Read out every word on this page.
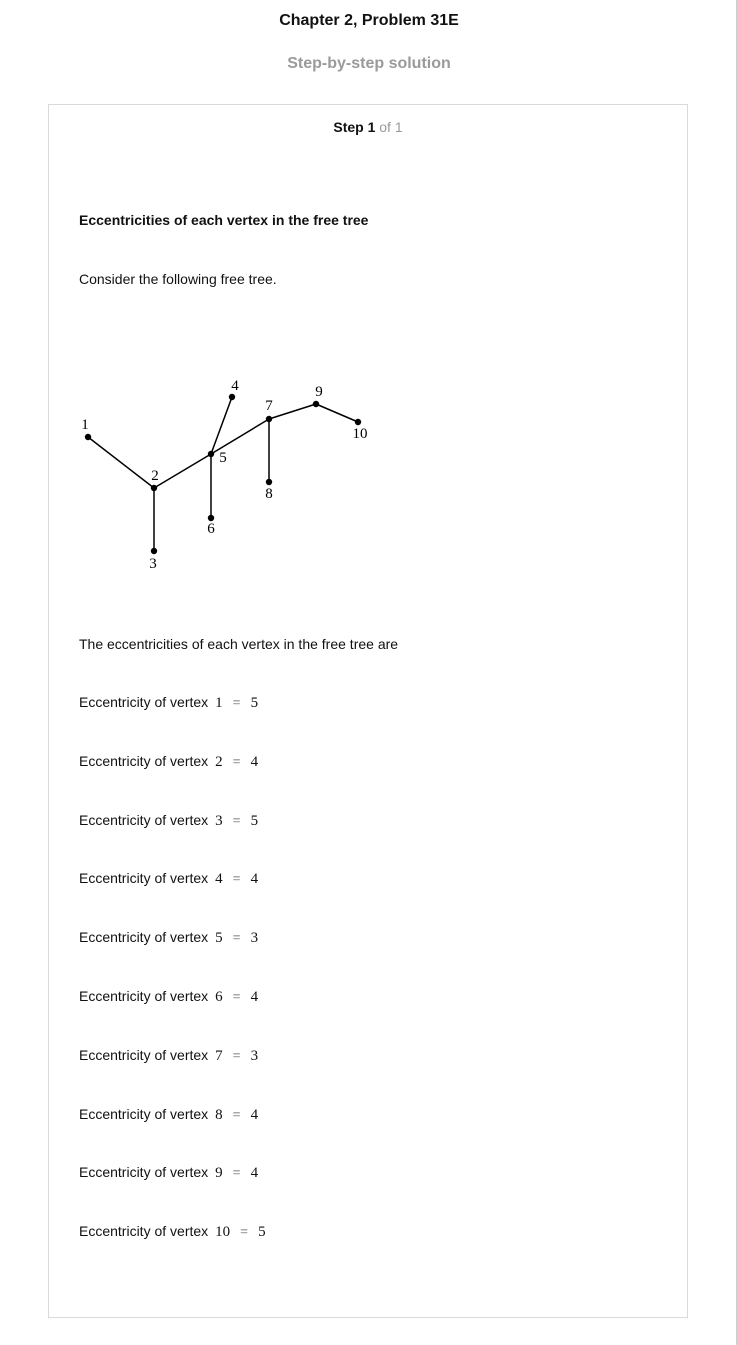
Chapter 2, Problem 31E
Step-by-step solution
Step 1 of 1
Eccentricities of each vertex in the free tree
Consider the following free tree.
1
2
3
4
5
6
7
8
9
10
The eccentricities of each vertex in the free tree are
Eccentricity of vertex 1 = 5
Eccentricity of vertex 2 = 4
Eccentricity of vertex 3 = 5
Eccentricity of vertex 4 = 4
Eccentricity of vertex 5 = 3
Eccentricity of vertex 6 = 4
Eccentricity of vertex 7 = 3
Eccentricity of vertex 8 = 4
Eccentricity of vertex 9 = 4
Eccentricity of vertex 10 = 5
